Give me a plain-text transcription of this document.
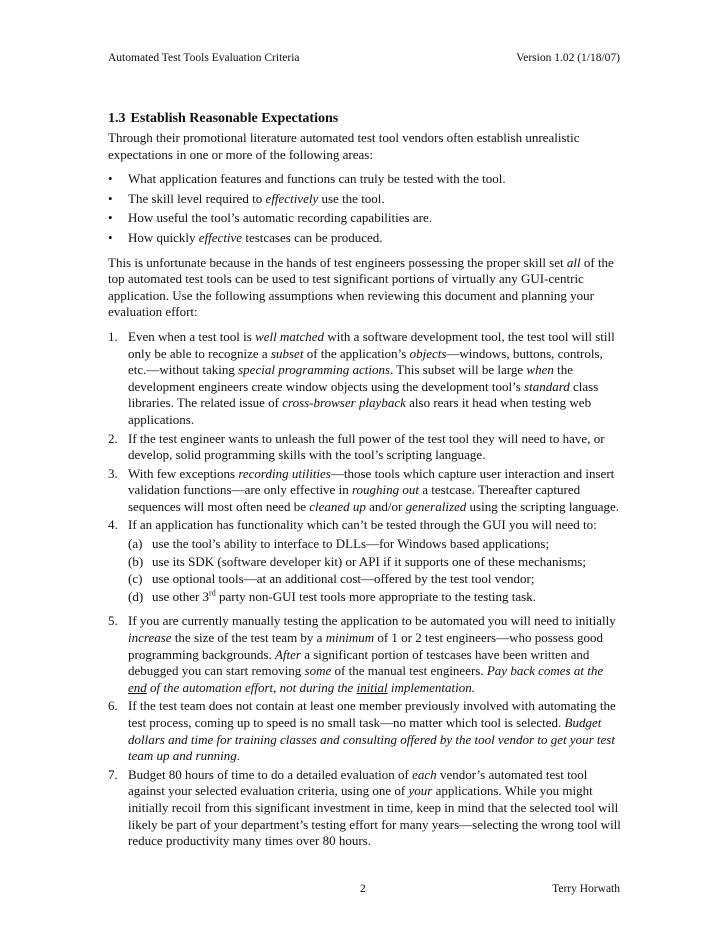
Automated Test Tools Evaluation Criteria	Version 1.02 (1/18/07)
1.3 Establish Reasonable Expectations

Through their promotional literature automated test tool vendors often establish unrealistic expectations in one or more of the following areas:

• What application features and functions can truly be tested with the tool.
• The skill level required to effectively use the tool.
• How useful the tool’s automatic recording capabilities are.
• How quickly effective testcases can be produced.

This is unfortunate because in the hands of test engineers possessing the proper skill set all of the top automated test tools can be used to test significant portions of virtually any GUI-centric application. Use the following assumptions when reviewing this document and planning your evaluation effort:

1. Even when a test tool is well matched with a software development tool, the test tool will still only be able to recognize a subset of the application’s objects—windows, buttons, controls, etc.—without taking special programming actions. This subset will be large when the development engineers create window objects using the development tool’s standard class libraries. The related issue of cross-browser playback also rears it head when testing web applications.
2. If the test engineer wants to unleash the full power of the test tool they will need to have, or develop, solid programming skills with the tool’s scripting language.
3. With few exceptions recording utilities—those tools which capture user interaction and insert validation functions—are only effective in roughing out a testcase. Thereafter captured sequences will most often need be cleaned up and/or generalized using the scripting language.
4. If an application has functionality which can’t be tested through the GUI you will need to:
(a) use the tool’s ability to interface to DLLs—for Windows based applications;
(b) use its SDK (software developer kit) or API if it supports one of these mechanisms;
(c) use optional tools—at an additional cost—offered by the test tool vendor;
(d) use other 3rd party non-GUI test tools more appropriate to the testing task.
5. If you are currently manually testing the application to be automated you will need to initially increase the size of the test team by a minimum of 1 or 2 test engineers—who possess good programming backgrounds. After a significant portion of testcases have been written and debugged you can start removing some of the manual test engineers. Pay back comes at the end of the automation effort, not during the initial implementation.
6. If the test team does not contain at least one member previously involved with automating the test process, coming up to speed is no small task—no matter which tool is selected. Budget dollars and time for training classes and consulting offered by the tool vendor to get your test team up and running.
7. Budget 80 hours of time to do a detailed evaluation of each vendor’s automated test tool against your selected evaluation criteria, using one of your applications. While you might initially recoil from this significant investment in time, keep in mind that the selected tool will likely be part of your department’s testing effort for many years—selecting the wrong tool will reduce productivity many times over 80 hours.
2	Terry Horwath
